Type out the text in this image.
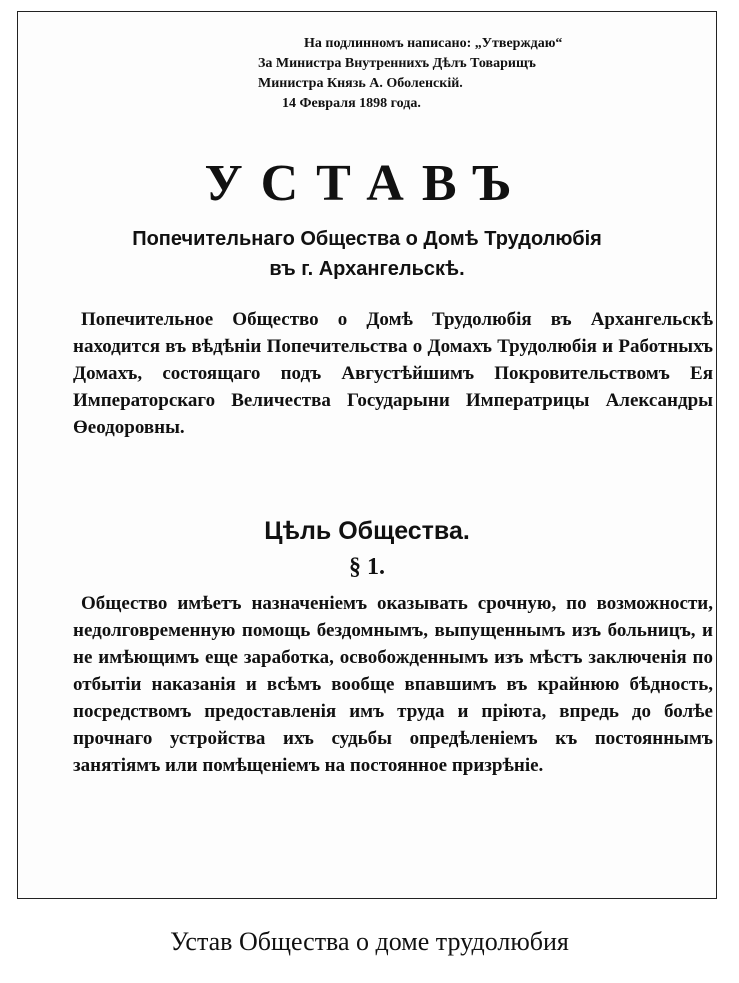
На подлинномъ написано: „Утверждаю“
За Министра Внутреннихъ Дѣлъ Товарищъ
Министра Князь А. Оболенскій.
14 Февраля 1898 года.
УСТАВЪ
Попечительнаго Общества о Домѣ Трудолюбія
въ г. Архангельскѣ.
Попечительное Общество о Домѣ Трудолюбія въ Архангельскѣ находится въ вѣдѣніи Попечительства о Домахъ Трудолюбія и Работныхъ Домахъ, состоящаго подъ Августѣйшимъ Покровительствомъ Ея Императорскаго Величества Государыни Императрицы Александры Өеодоровны.
Цѣль Общества.
§ 1.
Общество имѣетъ назначеніемъ оказывать срочную, по возможности, недолговременную помощь бездомнымъ, выпущеннымъ изъ больницъ, и не имѣющимъ еще заработка, освобожденнымъ изъ мѣстъ заключенія по отбытіи наказанія и всѣмъ вообще впавшимъ въ крайнюю бѣдность, посредствомъ предоставленія имъ труда и пріюта, впредь до болѣе прочнаго устройства ихъ судьбы опредѣленіемъ къ постояннымъ занятіямъ или помѣщеніемъ на постоянное призрѣніе.
Устав Общества о доме трудолюбия
